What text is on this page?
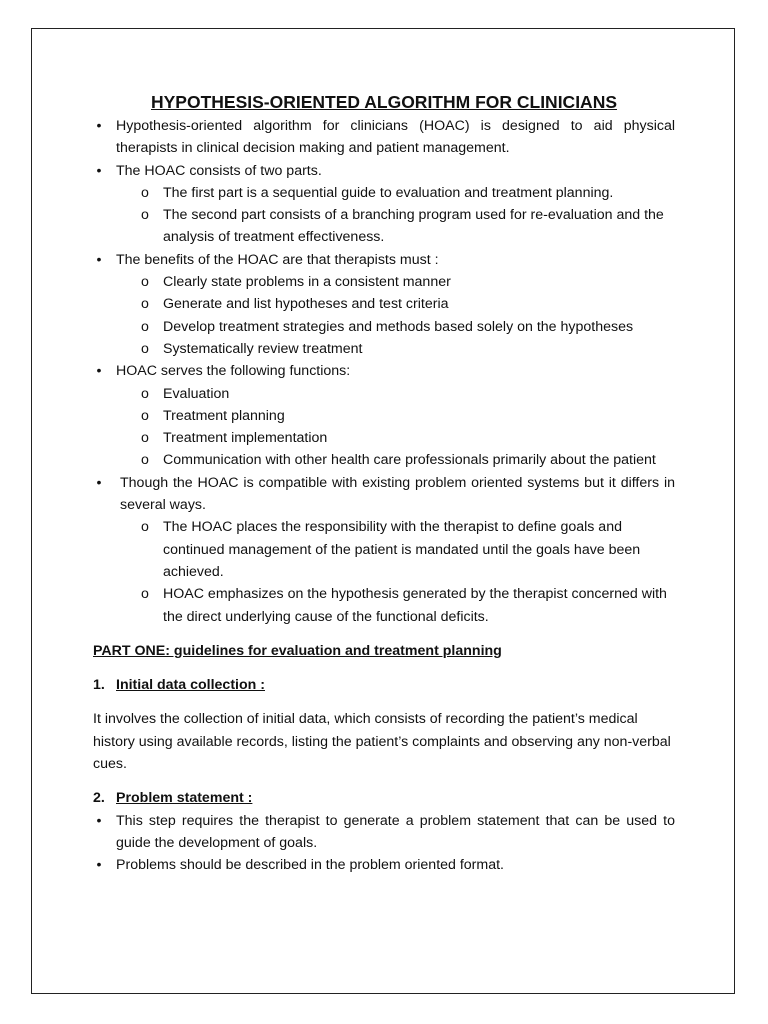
HYPOTHESIS-ORIENTED ALGORITHM FOR CLINICIANS
• Hypothesis-oriented algorithm for clinicians (HOAC) is designed to aid physical therapists in clinical decision making and patient management.
• The HOAC consists of two parts.
o The first part is a sequential guide to evaluation and treatment planning.
o The second part consists of a branching program used for re-evaluation and the analysis of treatment effectiveness.
• The benefits of the HOAC are that therapists must :
o Clearly state problems in a consistent manner
o Generate and list hypotheses and test criteria
o Develop treatment strategies and methods based solely on the hypotheses
o Systematically review treatment
• HOAC serves the following functions:
o Evaluation
o Treatment planning
o Treatment implementation
o Communication with other health care professionals primarily about the patient
• Though the HOAC is compatible with existing problem oriented systems but it differs in several ways.
o The HOAC places the responsibility with the therapist to define goals and continued management of the patient is mandated until the goals have been achieved.
o HOAC emphasizes on the hypothesis generated by the therapist concerned with the direct underlying cause of the functional deficits.
PART ONE: guidelines for evaluation and treatment planning
1. Initial data collection :
It involves the collection of initial data, which consists of recording the patient’s medical history using available records, listing the patient’s complaints and observing any non-verbal cues.
2. Problem statement :
• This step requires the therapist to generate a problem statement that can be used to guide the development of goals.
• Problems should be described in the problem oriented format.
